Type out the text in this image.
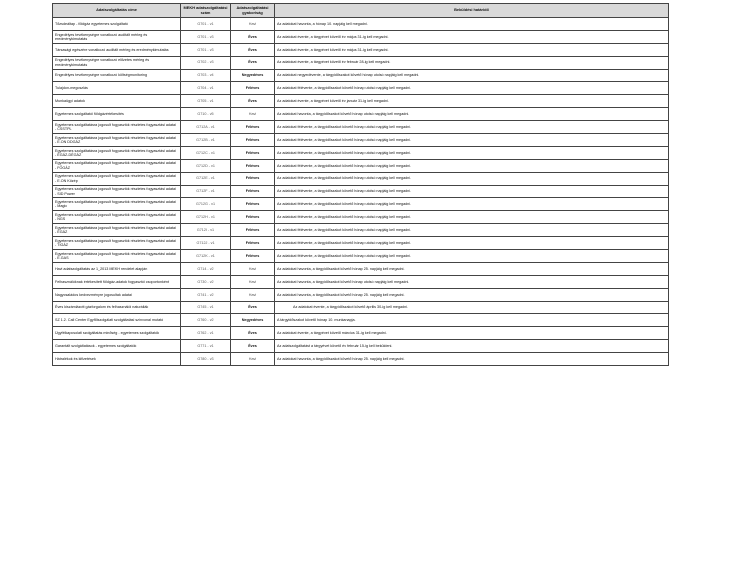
Adatszolgáltatás címe	MEKH adatszolgáltatási szám	Adatszolgáltatási gyakoriság	Beküldési határidő
Tőzsdeáltap - földgáz egyetemes szolgáltató	G701 - v1	Havi	Az adatokat havonta, a hónap 10. napjáig kell megadni.
Engedélyes tevékenységre vonatkozó auditált mérleg és eredménykimutatás	G701 - v3	Éves	Az adatokat évente, a tárgyévet követő év május 31-ig kell megadni.
Társasági egészére vonatkozó auditált mérleg és eredménykimutatás	G701 - v3	Éves	Az adatokat évente, a tárgyévet követő év május 31-ig kell megadni.
Engedélyes tevékenységre vonatkozó előzetes mérleg és eredménykimutatás	G702 - v3	Éves	Az adatokat évente, a tárgyévet követő év február 28-ig kell megadni.
Engedélyes tevékenységre vonatkozó költségmonitoring	G703 - v4	Negyedéves	Az adatokat negyedévente, a tárgyidőszakot követő hónap utolsó napjáig kell megadni.
Tulajdon-megoszlás	G704 - v1	Féléves	Az adatokat félévente, a tárgyidőszakot követő hónap utolsó napjáig kell megadni.
Munkaügyi adatok	G705 - v1	Éves	Az adatokat évente, a tárgyévet követő év január 31-ig kell megadni.
Egyetemes szolgáltatói földgázértékesítés	G710 - v5	Havi	Az adatokat havonta, a tárgyidőszakot követő hónap utolsó napjáig kell megadni.
Egyetemes szolgáltatásra jogosult fogyasztók részletes fogyasztási adatai - CSSTPL	G712A - v1	Féléves	Az adatokat félévente, a tárgyidőszakot követő hónap utolsó napjáig kell megadni.
Egyetemes szolgáltatásra jogosult fogyasztók részletes fogyasztási adatai - E.ON DDGÁZ	G712B - v1	Féléves	Az adatokat félévente, a tárgyidőszakot követő hónap utolsó napjáig kell megadni.
Egyetemes szolgáltatásra jogosult fogyasztók részletes fogyasztási adatai - ÉGÁZ-DÉGÁZ	G712C - v1	Féléves	Az adatokat félévente, a tárgyidőszakot követő hónap utolsó napjáig kell megadni.
Egyetemes szolgáltatásra jogosult fogyasztók részletes fogyasztási adatai - FŐGÁZ	G712D - v1	Féléves	Az adatokat félévente, a tárgyidőszakot követő hónap utolsó napjáig kell megadni.
Egyetemes szolgáltatásra jogosult fogyasztók részletes fogyasztási adatai - E.ON Közép	G712E - v1	Féléves	Az adatokat félévente, a tárgyidőszakot követő hónap utolsó napjáig kell megadni.
Egyetemes szolgáltatásra jogosult fogyasztók részletes fogyasztási adatai - SID Power	G712F - v1	Féléves	Az adatokat félévente, a tárgyidőszakot követő hónap utolsó napjáig kell megadni.
Egyetemes szolgáltatásra jogosult fogyasztók részletes fogyasztási adatai - Magic	G712G - v1	Féléves	Az adatokat félévente, a tárgyidőszakot követő hónap utolsó napjáig kell megadni.
Egyetemes szolgáltatásra jogosult fogyasztók részletes fogyasztási adatai - NGS	G712H - v1	Féléves	Az adatokat félévente, a tárgyidőszakot követő hónap utolsó napjáig kell megadni.
Egyetemes szolgáltatásra jogosult fogyasztók részletes fogyasztási adatai - ÉGÁZ	G712I - v1	Féléves	Az adatokat félévente, a tárgyidőszakot követő hónap utolsó napjáig kell megadni.
Egyetemes szolgáltatásra jogosult fogyasztók részletes fogyasztási adatai - TIGÁZ	G712J - v1	Féléves	Az adatokat félévente, a tárgyidőszakot követő hónap utolsó napjáig kell megadni.
Egyetemes szolgáltatásra jogosult fogyasztók részletes fogyasztási adatai - E.GAS	G712K - v1	Féléves	Az adatokat félévente, a tárgyidőszakot követő hónap utolsó napjáig kell megadni.
Havi adatszolgáltatás az 1_2013 MEKH rendelet alapján	G714 - v2	Havi	Az adatokat havonta, a tárgyidőszakot követő hónap 25. napjáig kell megadni.
Felhasználóknak értékesített földgáz-adatok fogyasztói csoportonként	G730 - v2	Havi	Az adatokat havonta, a tárgyidőszakot követő hónap utolsó napjáig kell megadni.
Nagycsaládos kedvezményre jogosultak adatai	G741 - v2	Havi	Az adatokat havonta, a tárgyidőszakot követő hónap 25. napjáig kell megadni.
Éves kiszámlázott gázforgalom és felhasználói naturáliák	G745 - v1	Éves	Az adatokat évente, a tárgyidőszakot követő április 30-ig kell megadni.
SZ 1.2. Call Center Egyfőiszolgálati szolgáltatási színvonal mutató	G760 - v2	Negyedéves	A tárgyidőszakot követő hónap 10. munkanapja.
Ügyfélkapcsolati szolgáltatás minőség - egyetemes szolgáltatók	G762 - v1	Éves	Az adatokat évente, a tárgyévet követő március 31-ig kell megadni.
Garantált szolgáltatások - egyetemes szolgáltatók	G771 - v1	Éves	Az adatszolgáltatást a tárgyévet követő év február 15-ig kell beküldeni.
Hátralékok és kifizetések	G780 - v3	Havi	Az adatokat havonta, a tárgyidőszakot követő hónap 25. napjáig kell megadni.
